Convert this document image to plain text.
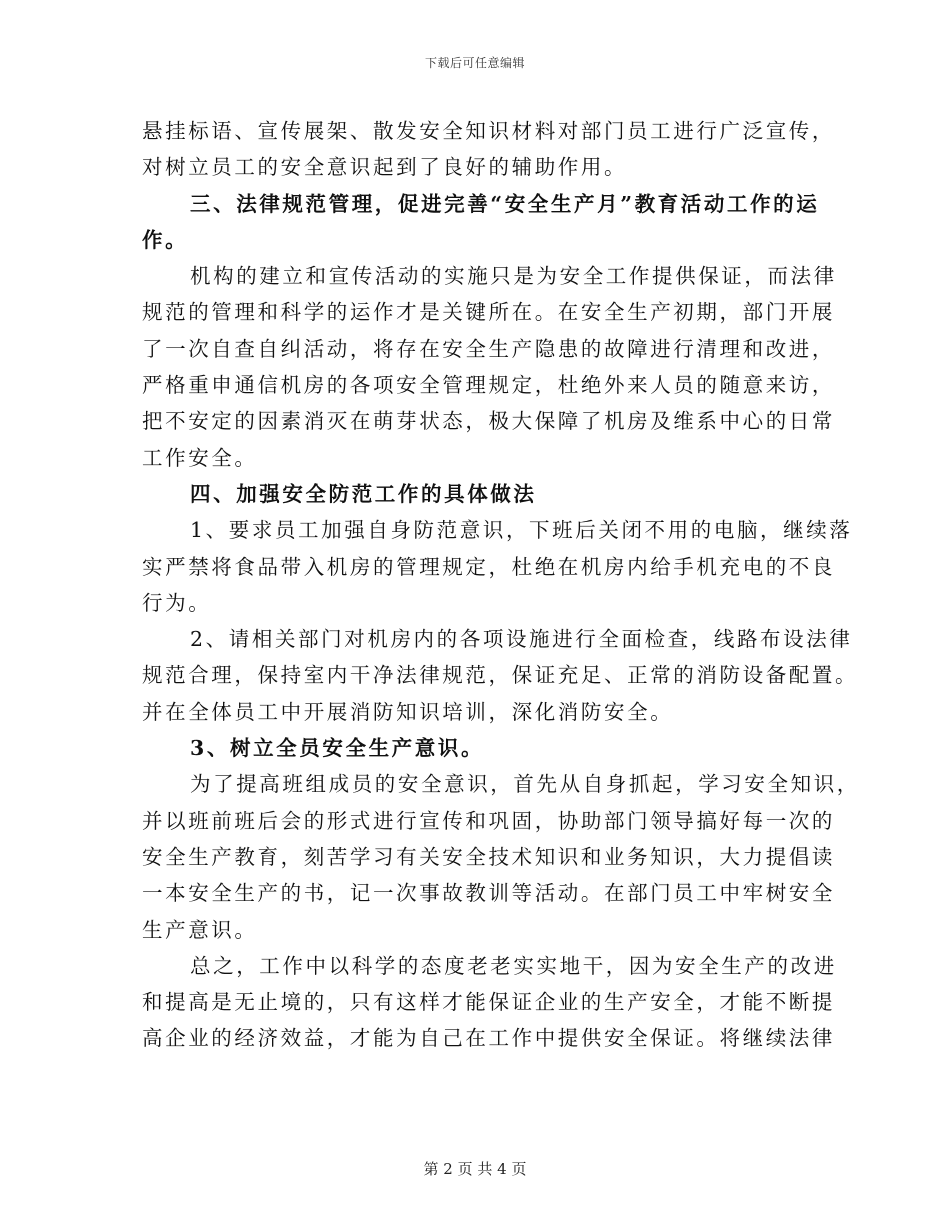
下载后可任意编辑
悬挂标语、宣传展架、散发安全知识材料对部门员工进行广泛宣传，
对树立员工的安全意识起到了良好的辅助作用。
三、法律规范管理，促进完善“安全生产月”教育活动工作的运
作。
机构的建立和宣传活动的实施只是为安全工作提供保证，而法律
规范的管理和科学的运作才是关键所在。在安全生产初期，部门开展
了一次自查自纠活动，将存在安全生产隐患的故障进行清理和改进，
严格重申通信机房的各项安全管理规定，杜绝外来人员的随意来访，
把不安定的因素消灭在萌芽状态，极大保障了机房及维系中心的日常
工作安全。
四、加强安全防范工作的具体做法
1、要求员工加强自身防范意识，下班后关闭不用的电脑，继续落
实严禁将食品带入机房的管理规定，杜绝在机房内给手机充电的不良
行为。
2、请相关部门对机房内的各项设施进行全面检查，线路布设法律
规范合理，保持室内干净法律规范，保证充足、正常的消防设备配置。
并在全体员工中开展消防知识培训，深化消防安全。
3、树立全员安全生产意识。
为了提高班组成员的安全意识，首先从自身抓起，学习安全知识，
并以班前班后会的形式进行宣传和巩固，协助部门领导搞好每一次的
安全生产教育，刻苦学习有关安全技术知识和业务知识，大力提倡读
一本安全生产的书，记一次事故教训等活动。在部门员工中牢树安全
生产意识。
总之，工作中以科学的态度老老实实地干，因为安全生产的改进
和提高是无止境的，只有这样才能保证企业的生产安全，才能不断提
高企业的经济效益，才能为自己在工作中提供安全保证。将继续法律
第 2 页 共 4 页
